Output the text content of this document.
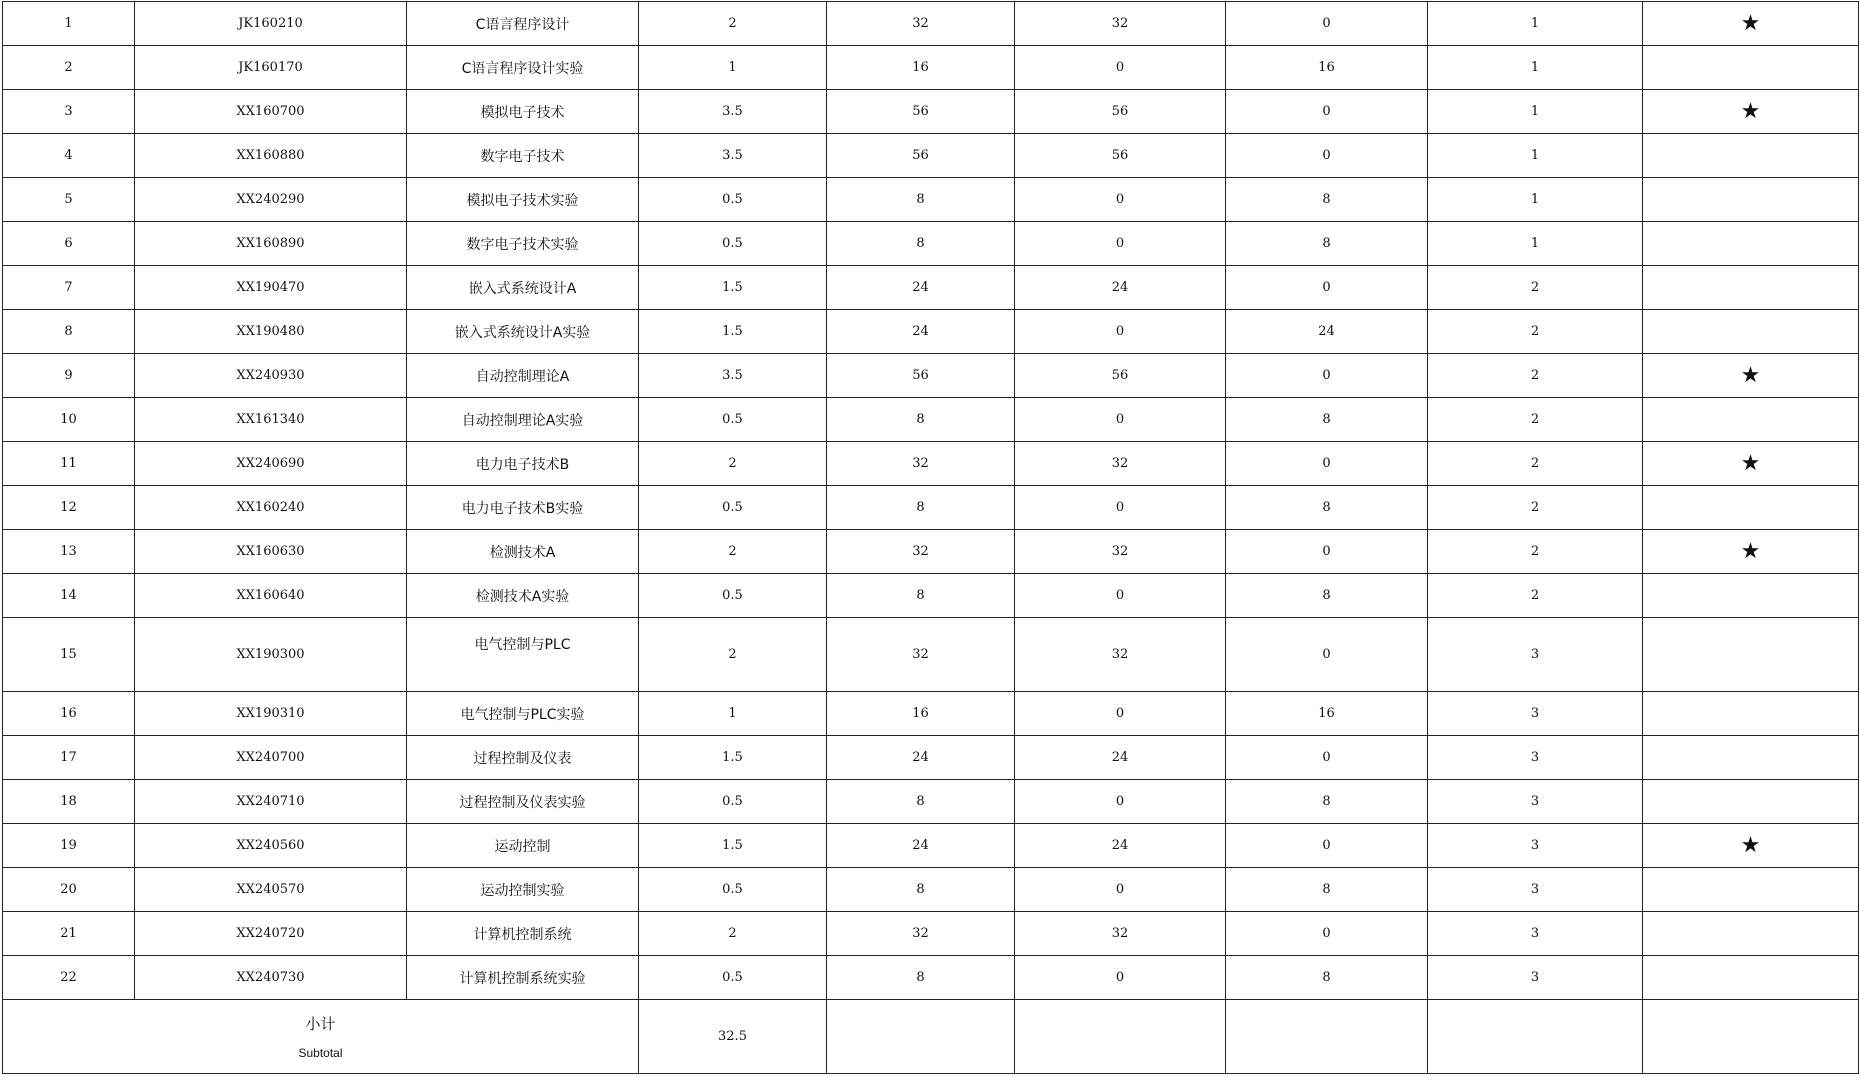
1	JK160210	C语言程序设计	2	32	32	0	1	★
2	JK160170	C语言程序设计实验	1	16	0	16	1	
3	XX160700	模拟电子技术	3.5	56	56	0	1	★
4	XX160880	数字电子技术	3.5	56	56	0	1	
5	XX240290	模拟电子技术实验	0.5	8	0	8	1	
6	XX160890	数字电子技术实验	0.5	8	0	8	1	
7	XX190470	嵌入式系统设计A	1.5	24	24	0	2	
8	XX190480	嵌入式系统设计A实验	1.5	24	0	24	2	
9	XX240930	自动控制理论A	3.5	56	56	0	2	★
10	XX161340	自动控制理论A实验	0.5	8	0	8	2	
11	XX240690	电力电子技术B	2	32	32	0	2	★
12	XX160240	电力电子技术B实验	0.5	8	0	8	2	
13	XX160630	检测技术A	2	32	32	0	2	★
14	XX160640	检测技术A实验	0.5	8	0	8	2	
15	XX190300	电气控制与PLC	2	32	32	0	3	
16	XX190310	电气控制与PLC实验	1	16	0	16	3	
17	XX240700	过程控制及仪表	1.5	24	24	0	3	
18	XX240710	过程控制及仪表实验	0.5	8	0	8	3	
19	XX240560	运动控制	1.5	24	24	0	3	★
20	XX240570	运动控制实验	0.5	8	0	8	3	
21	XX240720	计算机控制系统	2	32	32	0	3	
22	XX240730	计算机控制系统实验	0.5	8	0	8	3	

小计
Subtotal			32.5					
